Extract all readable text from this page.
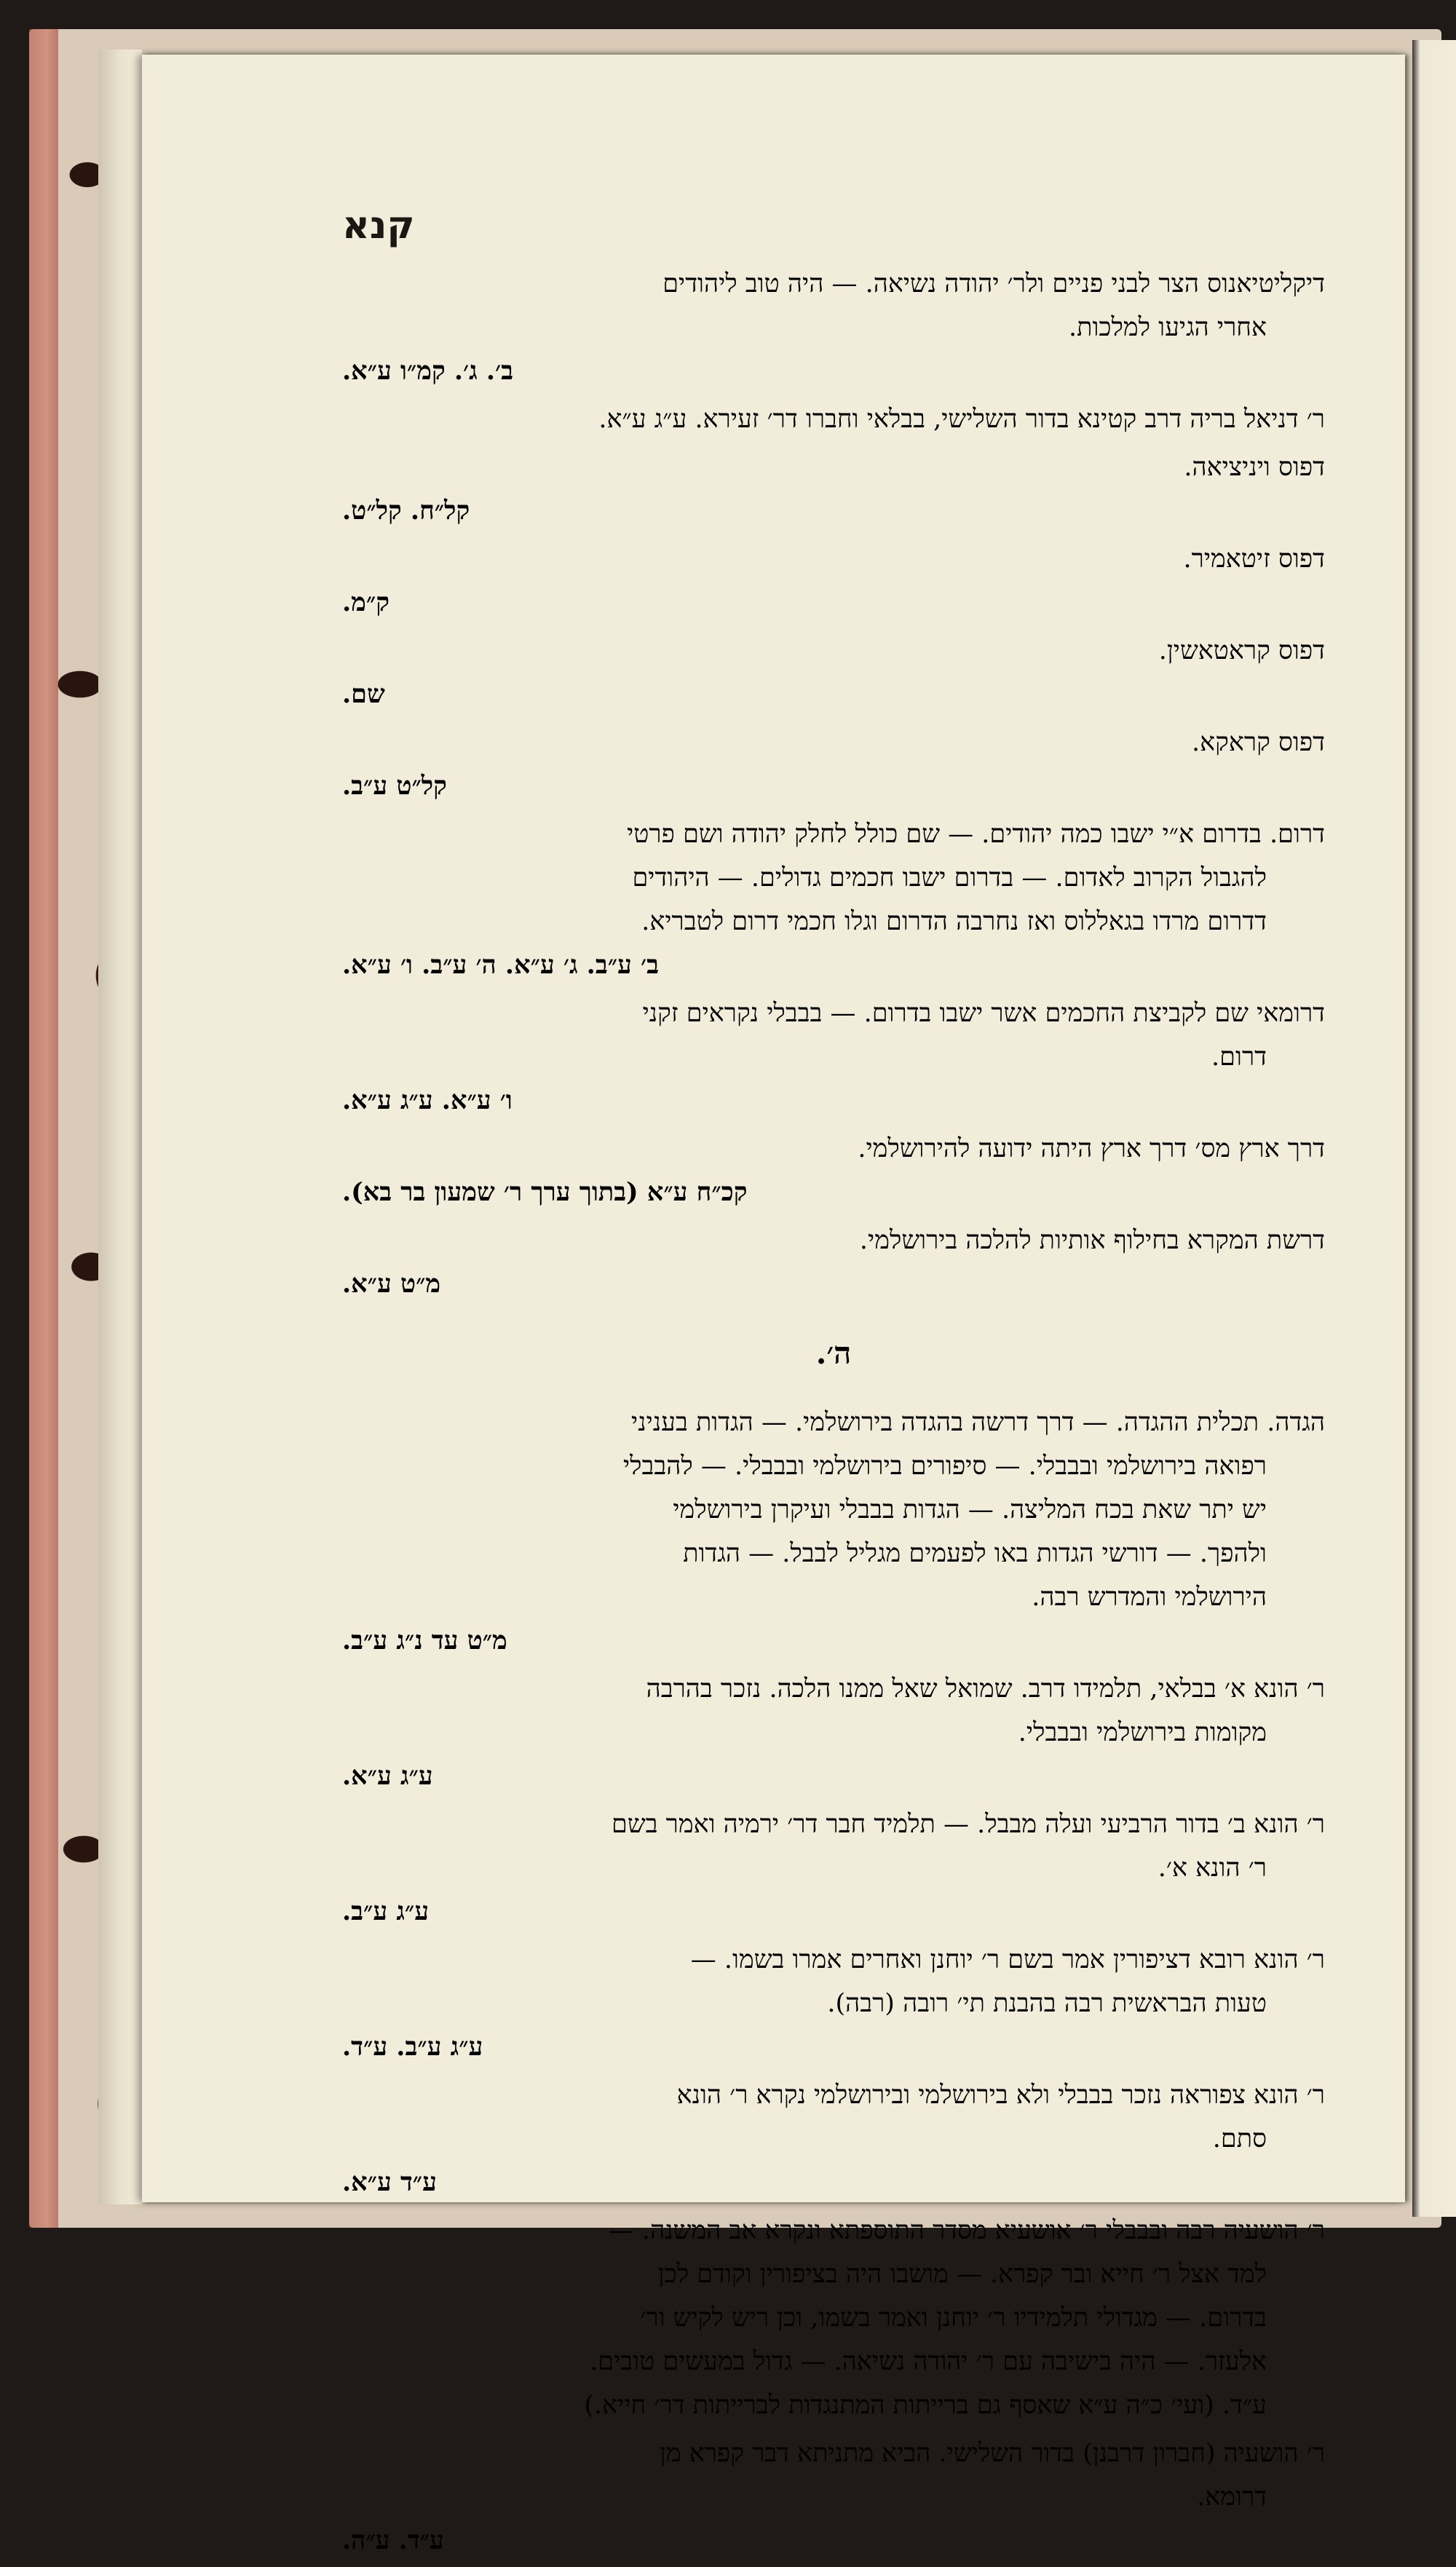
קנא
דיקליטיאנוס הצר לבני פניים ולר׳ יהודה נשיאה. — היה טוב ליהודים
אחרי הגיעו למלכות.
ב׳. ג׳. קמ״ו ע״א.
ר׳ דניאל בריה דרב קטינא בדור השלישי, בבלאי וחברו דר׳ זעירא. ע״ג ע״א.
דפוס ויניציאה.
קל״ח. קל״ט.
דפוס זיטאמיר.
ק״מ.
דפוס קראטאשין.
שם.
דפוס קראקא.
קל״ט ע״ב.
דרום. בדרום א״י ישבו כמה יהודים. — שם כולל לחלק יהודה ושם פרטי
להגבול הקרוב לאדום. — בדרום ישבו חכמים גדולים. — היהודים
דדרום מרדו בגאללוס ואז נחרבה הדרום וגלו חכמי דרום לטבריא.
ב׳ ע״ב. ג׳ ע״א. ה׳ ע״ב. ו׳ ע״א.
דרומאי שם לקביצת החכמים אשר ישבו בדרום. — בבבלי נקראים זקני
דרום.
ו׳ ע״א. ע״ג ע״א.
דרך ארץ מס׳ דרך ארץ היתה ידועה להירושלמי.
קכ״ח ע״א (בתוך ערך ר׳ שמעון בר בא).
דרשת המקרא בחילוף אותיות להלכה בירושלמי.
מ״ט ע״א.
ה׳.
הגדה. תכלית ההגדה. — דרך דרשה בהגדה בירושלמי. — הגדות בעניני
רפואה בירושלמי ובבבלי. — סיפורים בירושלמי ובבבלי. — להבבלי
יש יתר שאת בכח המליצה. — הגדות בבבלי ועיקרן בירושלמי
ולהפך. — דורשי הגדות באו לפעמים מגליל לבבל. — הגדות
הירושלמי והמדרש רבה.
מ״ט עד נ״ג ע״ב.
ר׳ הונא א׳ בבלאי, תלמידו דרב. שמואל שאל ממנו הלכה. נזכר בהרבה
מקומות בירושלמי ובבבלי.
ע״ג ע״א.
ר׳ הונא ב׳ בדור הרביעי ועלה מבבל. — תלמיד חבר דר׳ ירמיה ואמר בשם
ר׳ הונא א׳.
ע״ג ע״ב.
ר׳ הונא רובא דציפורין אמר בשם ר׳ יוחנן ואחרים אמרו בשמו. —
טעות הבראשית רבה בהבנת תי׳ רובה (רבה).
ע״ג ע״ב. ע״ד.
ר׳ הונא צפוראה נזכר בבבלי ולא בירושלמי ובירושלמי נקרא ר׳ הונא
סתם.
ע״ד ע״א.
ר׳ הושעיה רבה ובבבלי ר׳ אושעיא מסדר התוספתא ונקרא אב המשנה. —
למד אצל ר׳ חייא ובר קפרא. — מושבו היה בציפורין וקודם לכן
בדרום. — מגדולי תלמידיו ר׳ יוחנן ואמר בשמו, וכן ריש לקיש ור׳
אלעזר. — היה בישיבה עם ר׳ יהודה נשיאה. — גדול במעשים טובים.
ע״ד. (ועי׳ כ״ה ע״א שאסף גם ברייתות המתנגדות לברייתות דר׳ חייא.)
ר׳ הושעיה (חברון דרבנן) בדור השלישי. הביא מתניתא דבר קפרא מן
דרומא.
ע״ד. ע״ה.
